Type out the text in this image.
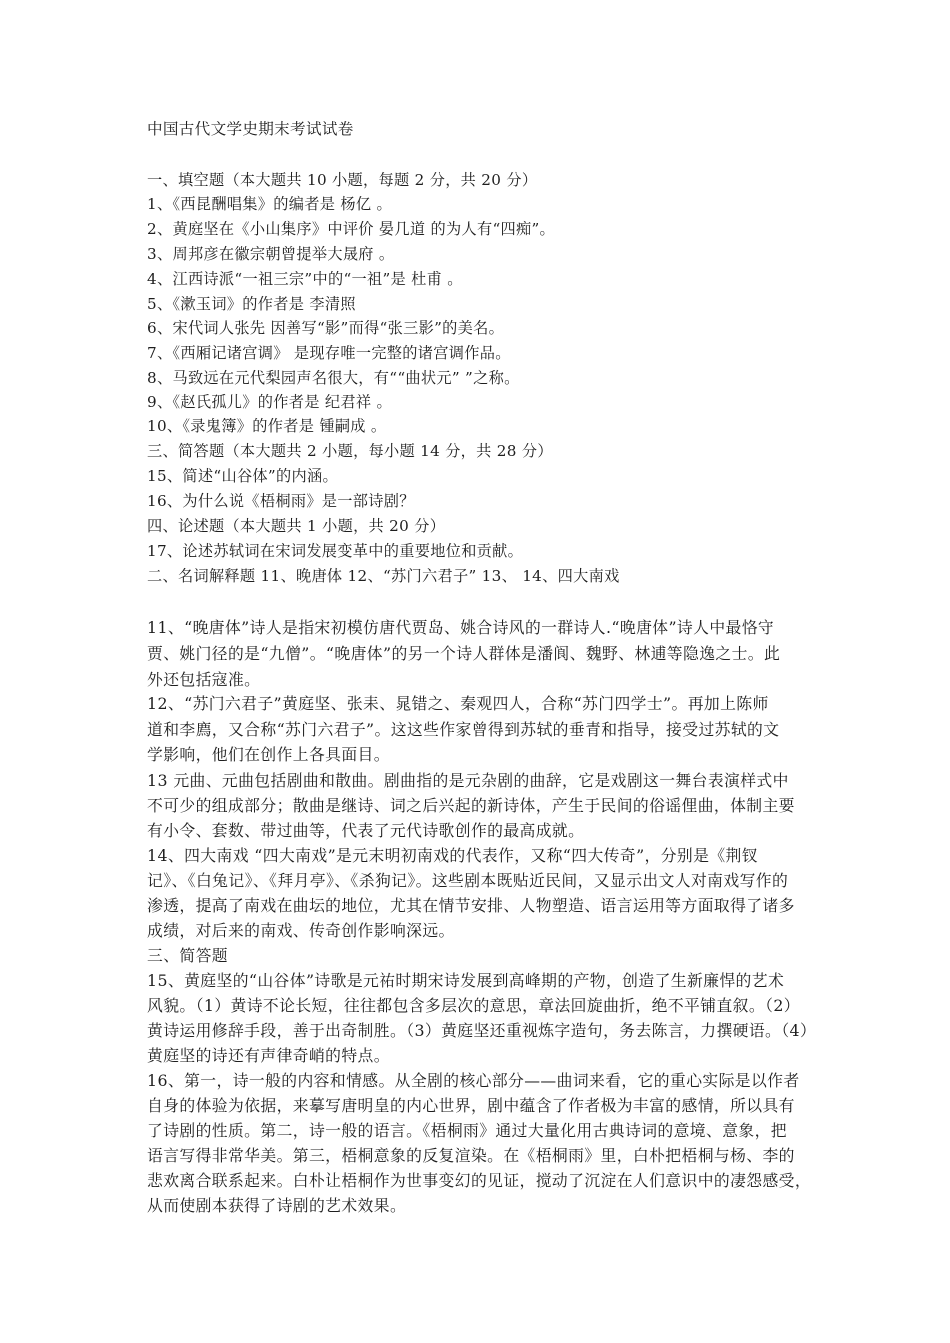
中国古代文学史期末考试试卷
一、填空题（本大题共 10 小题，每题 2 分，共 20 分）
1、《西昆酬唱集》的编者是 杨亿 。
2、黄庭坚在《小山集序》中评价 晏几道 的为人有“四痴”。
3、周邦彦在徽宗朝曾提举大晟府 。
4、江西诗派“一祖三宗”中的“一祖”是 杜甫 。
5、《漱玉词》的作者是 李清照
6、宋代词人张先 因善写“影”而得“张三影”的美名。
7、《西厢记诸宫调》 是现存唯一完整的诸宫调作品。
8、马致远在元代梨园声名很大，有““曲状元” ”之称。
9、《赵氏孤儿》的作者是 纪君祥 。
10、《录鬼簿》的作者是 锺嗣成 。
三、简答题（本大题共 2 小题，每小题 14 分，共 28 分）
15、简述“山谷体”的内涵。
16、为什么说《梧桐雨》是一部诗剧？
四、论述题（本大题共 1 小题，共 20 分）
17、论述苏轼词在宋词发展变革中的重要地位和贡献。
二、名词解释题 11、晚唐体 12、“苏门六君子” 13、 14、四大南戏
11、“晚唐体”诗人是指宋初模仿唐代贾岛、姚合诗风的一群诗人.“晚唐体”诗人中最恪守
贾、姚门径的是“九僧”。“晚唐体”的另一个诗人群体是潘阆、魏野、林逋等隐逸之士。此
外还包括寇准。
12、“苏门六君子”黄庭坚、张耒、晁错之、秦观四人，合称“苏门四学士”。再加上陈师
道和李廌，又合称“苏门六君子”。这这些作家曾得到苏轼的垂青和指导，接受过苏轼的文
学影响，他们在创作上各具面目。
13 元曲、元曲包括剧曲和散曲。剧曲指的是元杂剧的曲辞，它是戏剧这一舞台表演样式中
不可少的组成部分；散曲是继诗、词之后兴起的新诗体，产生于民间的俗谣俚曲，体制主要
有小令、套数、带过曲等，代表了元代诗歌创作的最高成就。
14、四大南戏 “四大南戏”是元末明初南戏的代表作，又称“四大传奇”，分别是《荆钗
记》、《白兔记》、《拜月亭》、《杀狗记》。这些剧本既贴近民间，又显示出文人对南戏写作的
渗透，提高了南戏在曲坛的地位，尤其在情节安排、人物塑造、语言运用等方面取得了诸多
成绩，对后来的南戏、传奇创作影响深远。
三、简答题
15、黄庭坚的“山谷体”诗歌是元祐时期宋诗发展到高峰期的产物，创造了生新廉悍的艺术
风貌。（1）黄诗不论长短，往往都包含多层次的意思，章法回旋曲折，绝不平铺直叙。（2）
黄诗运用修辞手段，善于出奇制胜。（3）黄庭坚还重视炼字造句，务去陈言，力撰硬语。（4）
黄庭坚的诗还有声律奇峭的特点。
16、第一，诗一般的内容和情感。从全剧的核心部分——曲词来看，它的重心实际是以作者
自身的体验为依据，来摹写唐明皇的内心世界，剧中蕴含了作者极为丰富的感情，所以具有
了诗剧的性质。第二，诗一般的语言。《梧桐雨》通过大量化用古典诗词的意境、意象，把
语言写得非常华美。第三，梧桐意象的反复渲染。在《梧桐雨》里，白朴把梧桐与杨、李的
悲欢离合联系起来。白朴让梧桐作为世事变幻的见证，搅动了沉淀在人们意识中的凄怨感受，
从而使剧本获得了诗剧的艺术效果。
